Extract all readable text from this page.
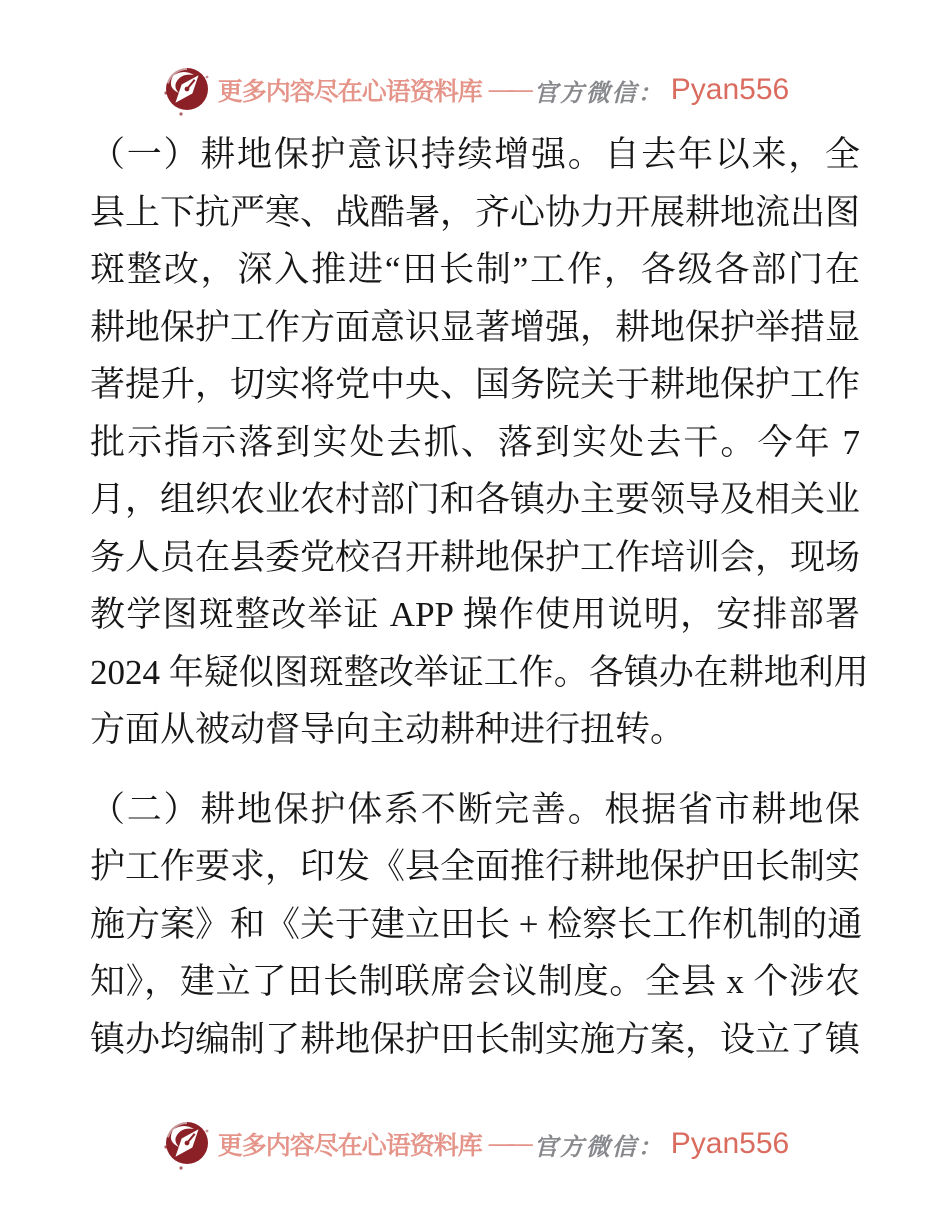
更多内容尽在心语资料库 —— 官方微信： Pyan556
（一）耕地保护意识持续增强。自去年以来，全
县上下抗严寒、战酷暑，齐心协力开展耕地流出图
斑整改，深入推进“田长制”工作，各级各部门在
耕地保护工作方面意识显著增强，耕地保护举措显
著提升，切实将党中央、国务院关于耕地保护工作
批示指示落到实处去抓、落到实处去干。今年 7
月，组织农业农村部门和各镇办主要领导及相关业
务人员在县委党校召开耕地保护工作培训会，现场
教学图斑整改举证 APP 操作使用说明，安排部署
2024 年疑似图斑整改举证工作。各镇办在耕地利用
方面从被动督导向主动耕种进行扭转。
（二）耕地保护体系不断完善。根据省市耕地保
护工作要求，印发《县全面推行耕地保护田长制实
施方案》和《关于建立田长 + 检察长工作机制的通
知》，建立了田长制联席会议制度。全县 x 个涉农
镇办均编制了耕地保护田长制实施方案，设立了镇
更多内容尽在心语资料库 —— 官方微信： Pyan556
